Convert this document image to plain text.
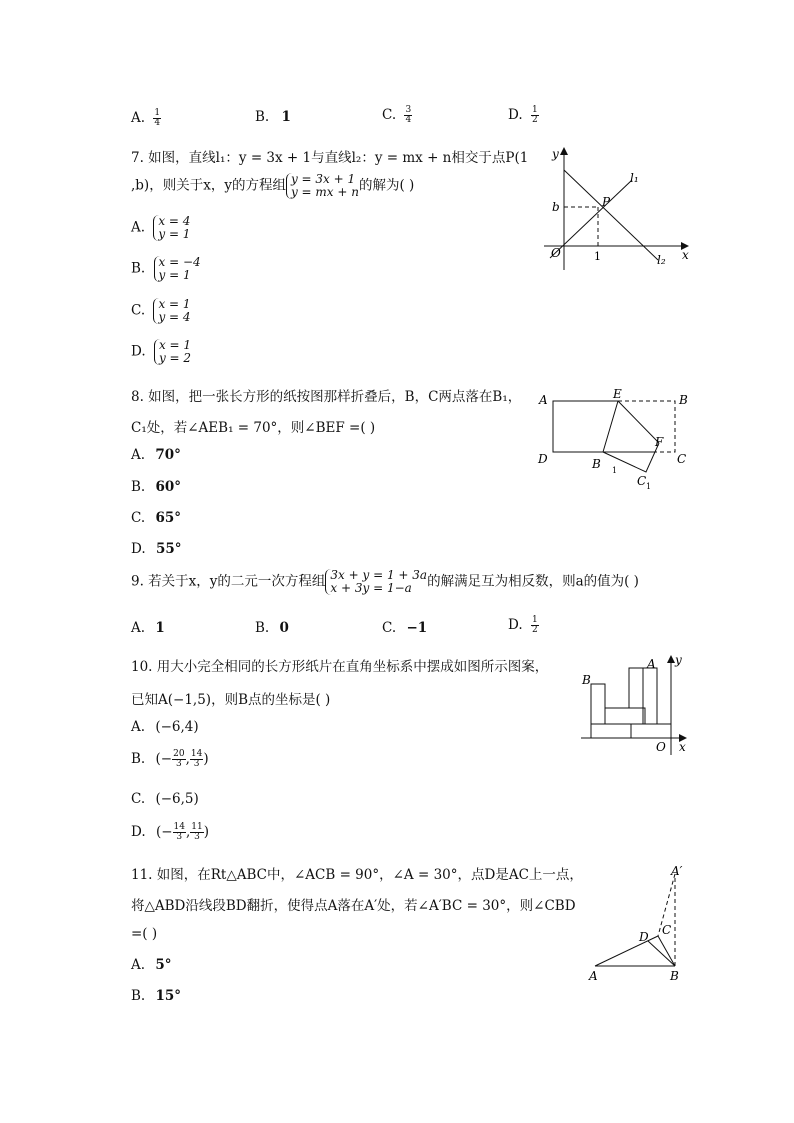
A. $\frac{1}{4}$	B. 1	C. $\frac{3}{4}$	D. $\frac{1}{2}$
7. 如图，直线l₁：y = 3x + 1与直线l₂：y = mx + n相交于点P(1
,b)，则关于x，y的方程组 y = 3x + 1
y = mx + n 的解为( )
A. x = 4
y = 1
B. x = −4
y = 1
C. x = 1
y = 4
D. x = 1
y = 2
y
x
O
b
1
P
l₁
l₂
8. 如图，把一张长方形的纸按图那样折叠后，B，C两点落在B₁，
C₁处，若∠AEB₁ = 70°，则∠BEF =( )
A. 70°
B. 60°
C. 65°
D. 55°
A	E	B
D	B 1
F
C
C 1
9. 若关于x，y的二元一次方程组 3x + y = 1 + 3a
x + 3y = 1−a	的解满足互为相反数，则a的值为( )
A. 1	B. 0	C. −1	D. $\frac{1}{2}$
10. 用大小完全相同的长方形纸片在直角坐标系中摆成如图所示图案，
已知A(−1,5)，则B点的坐标是( )
A. (−6,4)
B. (− $\frac{20}{3}$ , $\frac{14}{3}$ )
C. (−6,5)
D. (− $\frac{14}{3}$ , $\frac{11}{3}$ )
B
A y
O x
11. 如图，在Rt△ABC中，∠ACB = 90°，∠A = 30°，点D是AC上一点，
将△ABD沿线段BD翻折，使得点A落在A′处，若∠A′BC = 30°，则∠CBD
=( )
A. 5°
B. 15°
A′
C
D
A	B
